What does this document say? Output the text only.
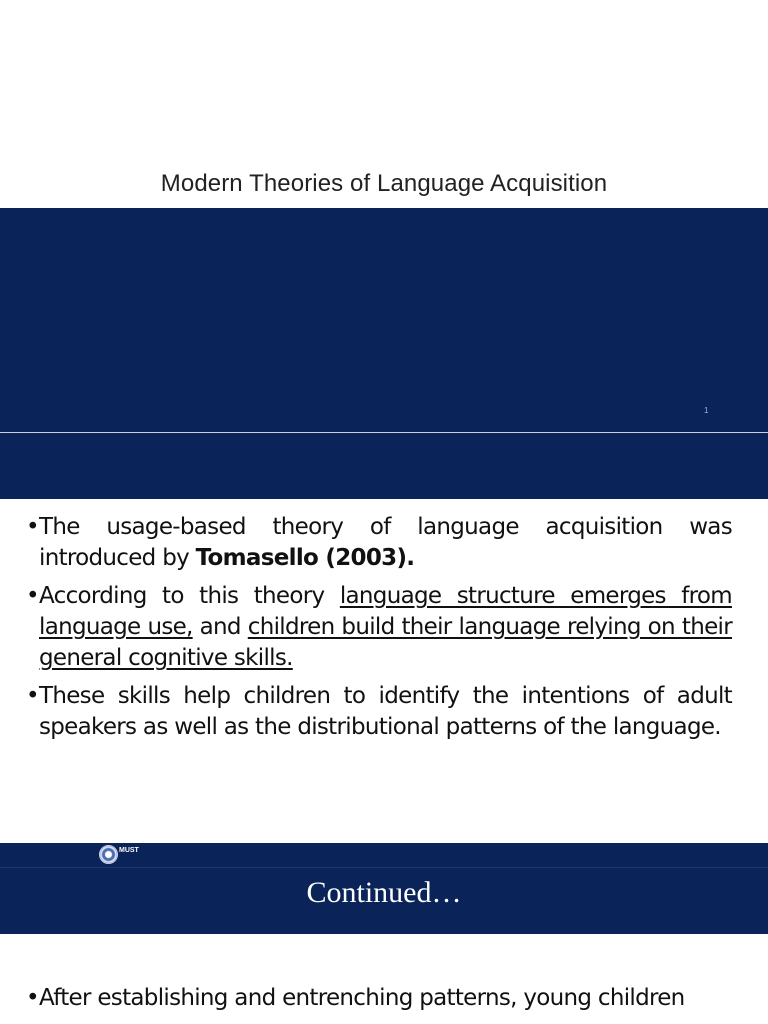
Modern Theories of Language Acquisition
1
• The usage-based theory of language acquisition was introduced by Tomasello (2003).
• According to this theory language structure emerges from language use, and children build their language relying on their general cognitive skills.
• These skills help children to identify the intentions of adult speakers as well as the distributional patterns of the language.
MUST
Continued…
• After establishing and entrenching patterns, young children
